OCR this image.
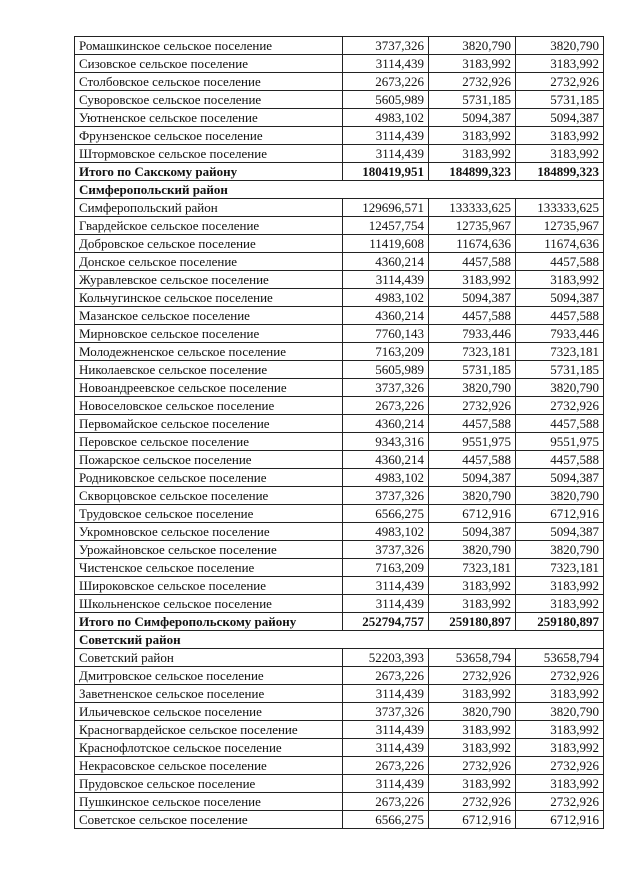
Ромашкинское сельское поселение	3737,326	3820,790	3820,790
Сизовское сельское поселение	3114,439	3183,992	3183,992
Столбовское сельское поселение	2673,226	2732,926	2732,926
Суворовское сельское поселение	5605,989	5731,185	5731,185
Уютненское сельское поселение	4983,102	5094,387	5094,387
Фрунзенское сельское поселение	3114,439	3183,992	3183,992
Штормовское сельское поселение	3114,439	3183,992	3183,992
Итого по Сакскому району	180419,951	184899,323	184899,323
Симферопольский район			
Симферопольский район	129696,571	133333,625	133333,625
Гвардейское сельское поселение	12457,754	12735,967	12735,967
Добровское сельское поселение	11419,608	11674,636	11674,636
Донское сельское поселение	4360,214	4457,588	4457,588
Журавлевское сельское поселение	3114,439	3183,992	3183,992
Кольчугинское сельское поселение	4983,102	5094,387	5094,387
Мазанское сельское поселение	4360,214	4457,588	4457,588
Мирновское сельское поселение	7760,143	7933,446	7933,446
Молодежненское сельское поселение	7163,209	7323,181	7323,181
Николаевское сельское поселение	5605,989	5731,185	5731,185
Новоандреевское сельское поселение	3737,326	3820,790	3820,790
Новоселовское сельское поселение	2673,226	2732,926	2732,926
Первомайское сельское поселение	4360,214	4457,588	4457,588
Перовское сельское поселение	9343,316	9551,975	9551,975
Пожарское сельское поселение	4360,214	4457,588	4457,588
Родниковское сельское поселение	4983,102	5094,387	5094,387
Скворцовское сельское поселение	3737,326	3820,790	3820,790
Трудовское сельское поселение	6566,275	6712,916	6712,916
Укромновское сельское поселение	4983,102	5094,387	5094,387
Урожайновское сельское поселение	3737,326	3820,790	3820,790
Чистенское сельское поселение	7163,209	7323,181	7323,181
Широковское сельское поселение	3114,439	3183,992	3183,992
Школьненское сельское поселение	3114,439	3183,992	3183,992
Итого по Симферопольскому району	252794,757	259180,897	259180,897
Советский район			
Советский район	52203,393	53658,794	53658,794
Дмитровское сельское поселение	2673,226	2732,926	2732,926
Заветненское сельское поселение	3114,439	3183,992	3183,992
Ильичевское сельское поселение	3737,326	3820,790	3820,790
Красногвардейское сельское поселение	3114,439	3183,992	3183,992
Краснофлотское сельское поселение	3114,439	3183,992	3183,992
Некрасовское сельское поселение	2673,226	2732,926	2732,926
Прудовское сельское поселение	3114,439	3183,992	3183,992
Пушкинское сельское поселение	2673,226	2732,926	2732,926
Советское сельское поселение	6566,275	6712,916	6712,916
